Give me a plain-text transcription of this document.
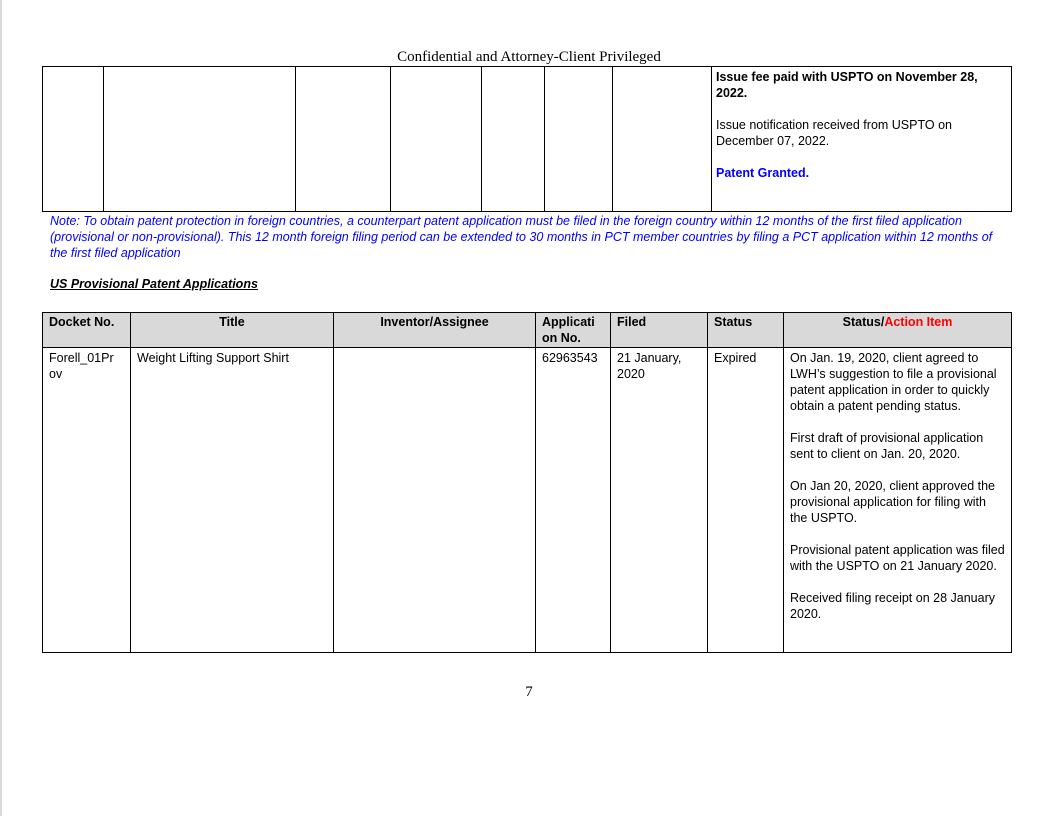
Confidential and Attorney-Client Privileged

Issue fee paid with USPTO on November 28, 2022.
Issue notification received from USPTO on December 07, 2022.
Patent Granted.
Note: To obtain patent protection in foreign countries, a counterpart patent application must be filed in the foreign country within 12 months of the first filed application (provisional or non-provisional). This 12 month foreign filing period can be extended to 30 months in PCT member countries by filing a PCT application within 12 months of the first filed application
US Provisional Patent Applications
Docket No.	Title	Inventor/Assignee	Applicati on No.	Filed	Status	Status/Action Item
Forell_01Pr ov	Weight Lifting Support Shirt		62963543	21 January, 2020	Expired	On Jan. 19, 2020, client agreed to LWH’s suggestion to file a provisional patent application in order to quickly obtain a patent pending status.
First draft of provisional application sent to client on Jan. 20, 2020.
On Jan 20, 2020, client approved the provisional application for filing with the USPTO.
Provisional patent application was filed with the USPTO on 21 January 2020.
Received filing receipt on 28 January 2020.
7
